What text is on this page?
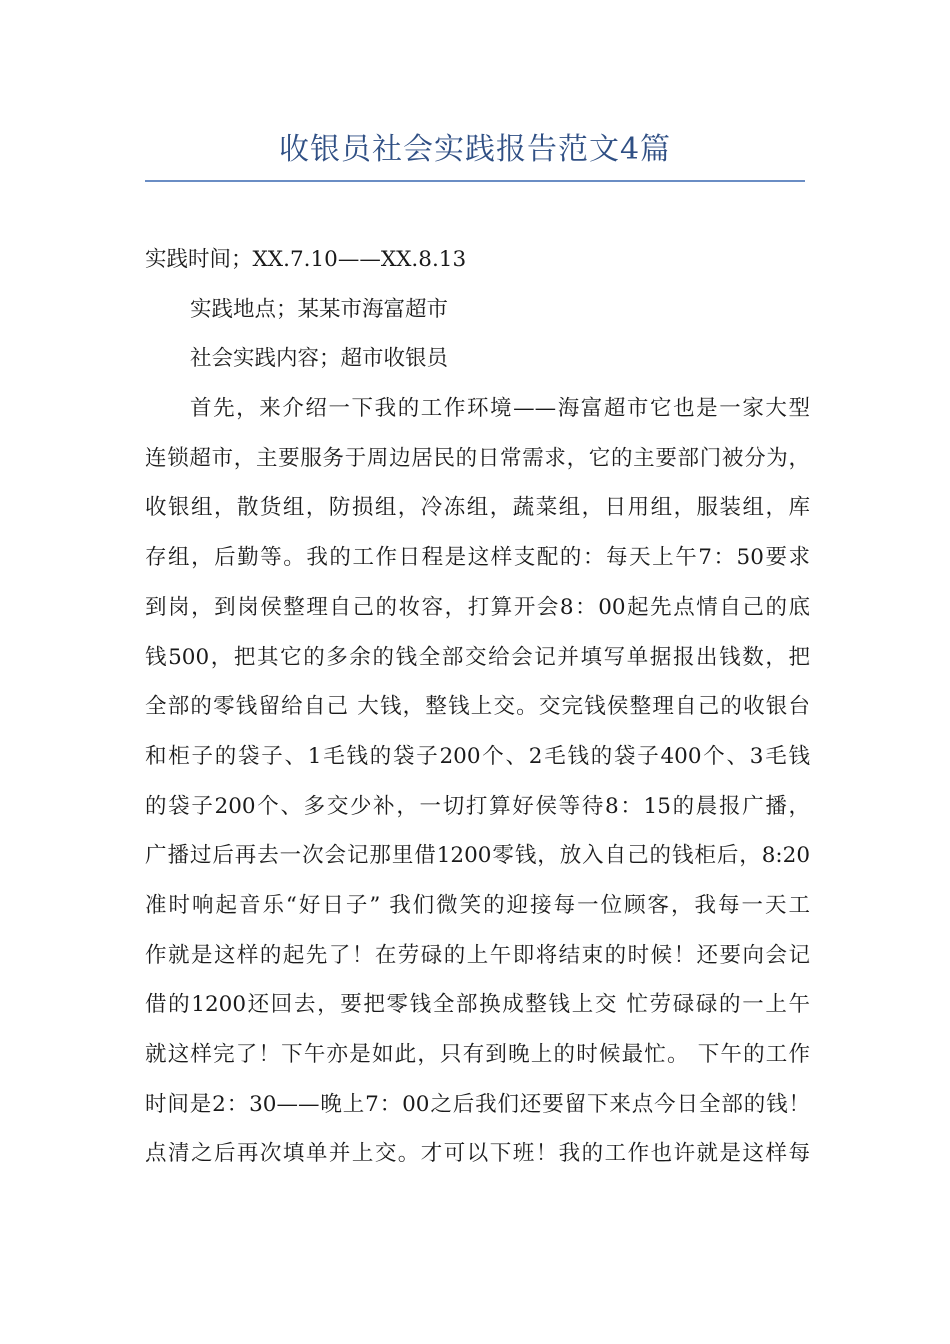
收银员社会实践报告范文4篇
实践时间；XX.7.10——XX.8.13
实践地点；某某市海富超市
社会实践内容；超市收银员
首先，来介绍一下我的工作环境——海富超市它也是一家大型
连锁超市，主要服务于周边居民的日常需求，它的主要部门被分为，
收银组，散货组，防损组，冷冻组，蔬菜组，日用组，服装组，库
存组，后勤等。我的工作日程是这样支配的：每天上午7：50要求
到岗，到岗侯整理自己的妆容，打算开会8：00起先点情自己的底
钱500，把其它的多余的钱全部交给会记并填写单据报出钱数，把
全部的零钱留给自己 大钱，整钱上交。交完钱侯整理自己的收银台
和柜子的袋子、1毛钱的袋子200个、2毛钱的袋子400个、3毛钱
的袋子200个、多交少补，一切打算好侯等待8：15的晨报广播，
广播过后再去一次会记那里借1200零钱，放入自己的钱柜后，8:20
准时响起音乐“好日子” 我们微笑的迎接每一位顾客，我每一天工
作就是这样的起先了！在劳碌的上午即将结束的时候！还要向会记
借的1200还回去，要把零钱全部换成整钱上交 忙劳碌碌的一上午
就这样完了！下午亦是如此，只有到晚上的时候最忙。 下午的工作
时间是2：30——晚上7：00之后我们还要留下来点今日全部的钱！
点清之后再次填单并上交。才可以下班！我的工作也许就是这样每
